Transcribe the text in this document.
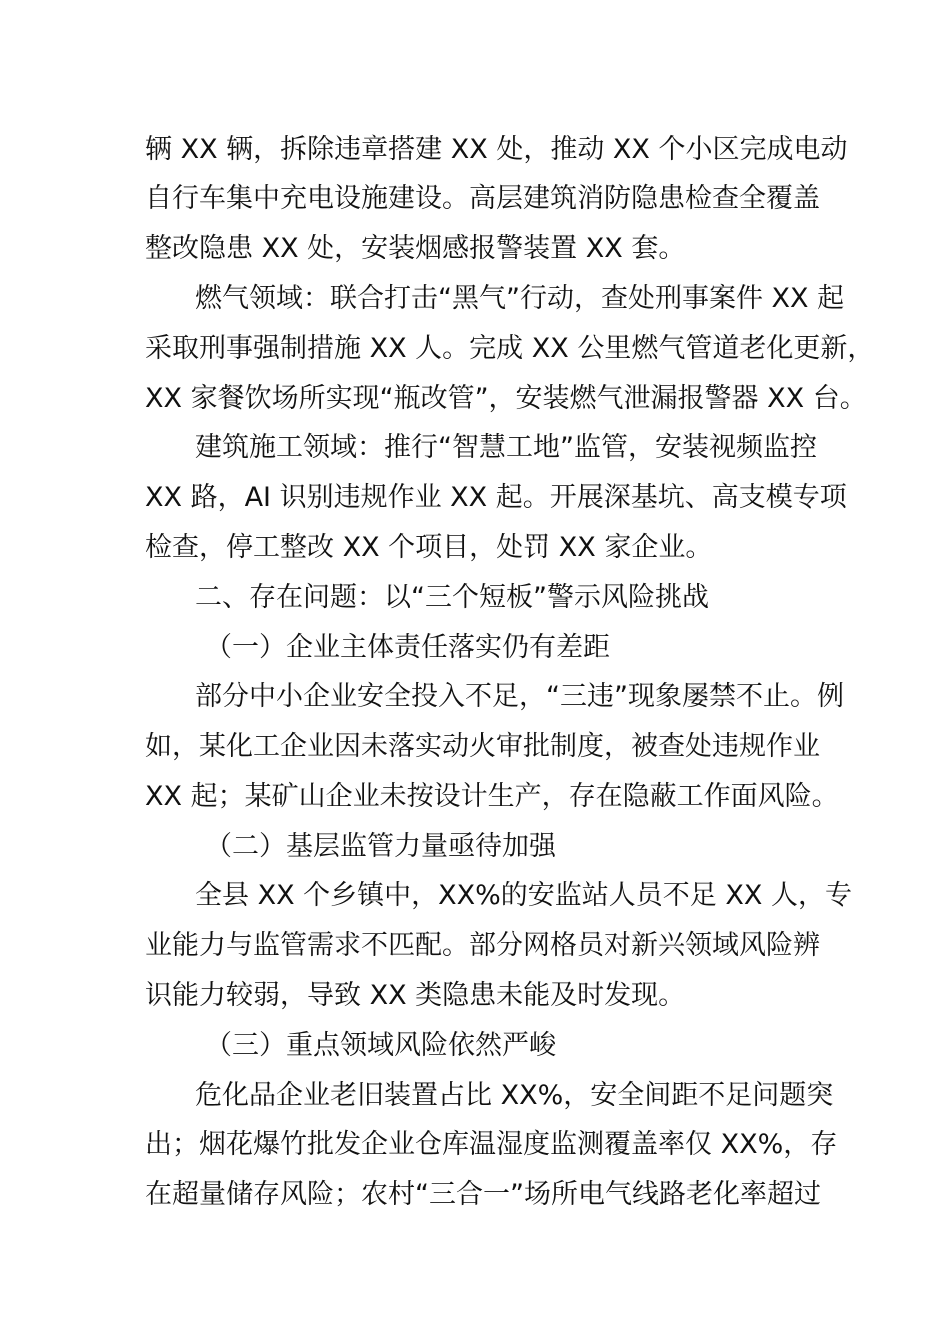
辆 XX 辆，拆除违章搭建 XX 处，推动 XX 个小区完成电动
自行车集中充电设施建设。高层建筑消防隐患检查全覆盖
整改隐患 XX 处，安装烟感报警装置 XX 套。
燃气领域：联合打击“黑气”行动，查处刑事案件 XX 起
采取刑事强制措施 XX 人。完成 XX 公里燃气管道老化更新，
XX 家餐饮场所实现“瓶改管”，安装燃气泄漏报警器 XX 台。
建筑施工领域：推行“智慧工地”监管，安装视频监控
XX 路，AI 识别违规作业 XX 起。开展深基坑、高支模专项
检查，停工整改 XX 个项目，处罚 XX 家企业。
二、存在问题：以“三个短板”警示风险挑战
（一）企业主体责任落实仍有差距
部分中小企业安全投入不足，“三违”现象屡禁不止。例
如，某化工企业因未落实动火审批制度，被查处违规作业
XX 起；某矿山企业未按设计生产，存在隐蔽工作面风险。
（二）基层监管力量亟待加强
全县 XX 个乡镇中，XX%的安监站人员不足 XX 人，专
业能力与监管需求不匹配。部分网格员对新兴领域风险辨
识能力较弱，导致 XX 类隐患未能及时发现。
（三）重点领域风险依然严峻
危化品企业老旧装置占比 XX%，安全间距不足问题突
出；烟花爆竹批发企业仓库温湿度监测覆盖率仅 XX%，存
在超量储存风险；农村“三合一”场所电气线路老化率超过
